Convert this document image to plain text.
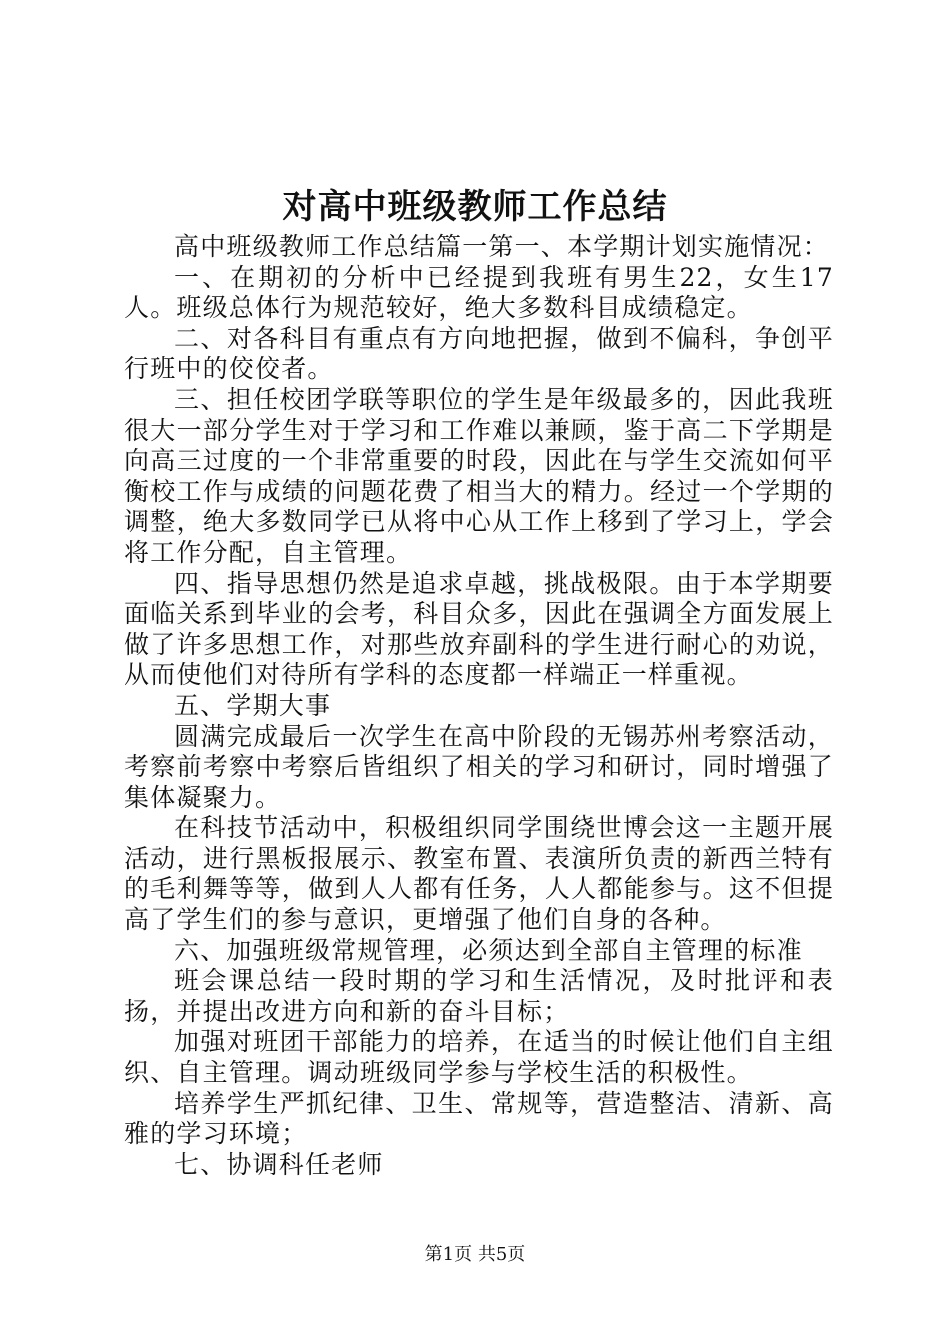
对高中班级教师工作总结

高中班级教师工作总结篇一第一、本学期计划实施情况：

一、在期初的分析中已经提到我班有男生22，女生17人。班级总体行为规范较好，绝大多数科目成绩稳定。

二、对各科目有重点有方向地把握，做到不偏科，争创平行班中的佼佼者。

三、担任校团学联等职位的学生是年级最多的，因此我班很大一部分学生对于学习和工作难以兼顾，鉴于高二下学期是向高三过度的一个非常重要的时段，因此在与学生交流如何平衡校工作与成绩的问题花费了相当大的精力。经过一个学期的调整，绝大多数同学已从将中心从工作上移到了学习上，学会将工作分配，自主管理。

四、指导思想仍然是追求卓越，挑战极限。由于本学期要面临关系到毕业的会考，科目众多，因此在强调全方面发展上做了许多思想工作，对那些放弃副科的学生进行耐心的劝说，从而使他们对待所有学科的态度都一样端正一样重视。

五、学期大事

圆满完成最后一次学生在高中阶段的无锡苏州考察活动，考察前考察中考察后皆组织了相关的学习和研讨，同时增强了集体凝聚力。

在科技节活动中，积极组织同学围绕世博会这一主题开展活动，进行黑板报展示、教室布置、表演所负责的新西兰特有的毛利舞等等，做到人人都有任务，人人都能参与。这不但提高了学生们的参与意识，更增强了他们自身的各种。

六、加强班级常规管理，必须达到全部自主管理的标准

班会课总结一段时期的学习和生活情况，及时批评和表扬，并提出改进方向和新的奋斗目标；

加强对班团干部能力的培养，在适当的时候让他们自主组织、自主管理。调动班级同学参与学校生活的积极性。

培养学生严抓纪律、卫生、常规等，营造整洁、清新、高雅的学习环境；

七、协调科任老师

第1页 共5页
